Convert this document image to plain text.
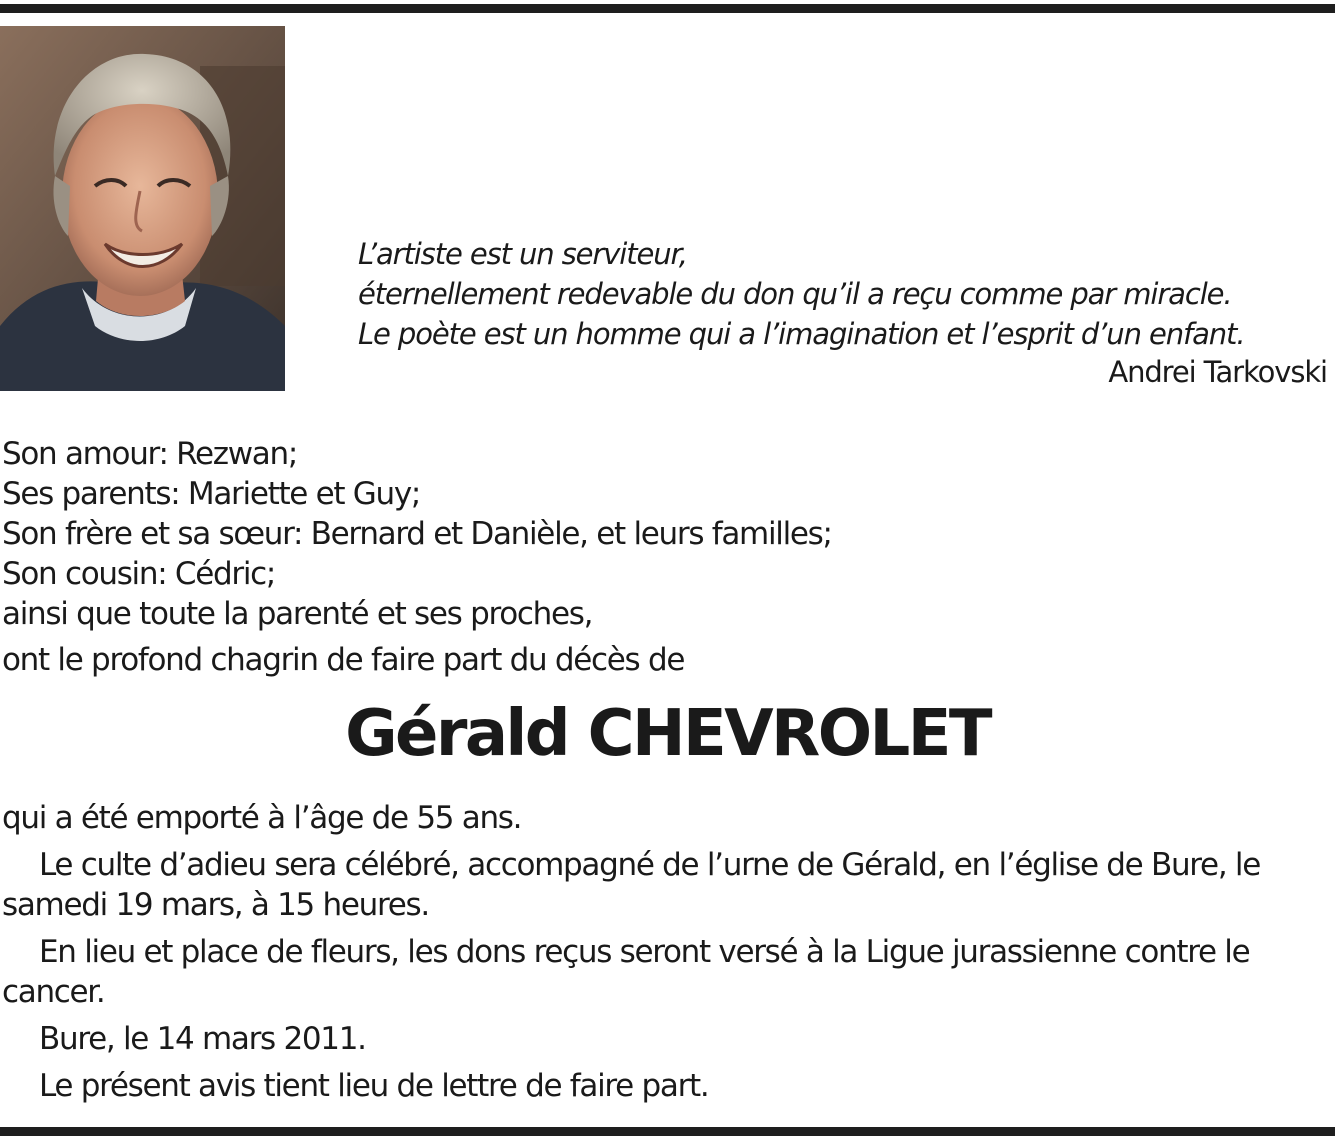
L’artiste est un serviteur,
éternellement redevable du don qu’il a reçu comme par miracle.
Le poète est un homme qui a l’imagination et l’esprit d’un enfant.
Andrei Tarkovski
Son amour: Rezwan;
Ses parents: Mariette et Guy;
Son frère et sa sœur: Bernard et Danièle, et leurs familles;
Son cousin: Cédric;
ainsi que toute la parenté et ses proches,
ont le profond chagrin de faire part du décès de
Gérald CHEVROLET

qui a été emporté à l’âge de 55 ans.

Le culte d’adieu sera célébré, accompagné de l’urne de Gérald, en l’église de Bure, le samedi 19 mars, à 15 heures.

En lieu et place de fleurs, les dons reçus seront versé à la Ligue jurassienne contre le cancer.

Bure, le 14 mars 2011.

Le présent avis tient lieu de lettre de faire part.
